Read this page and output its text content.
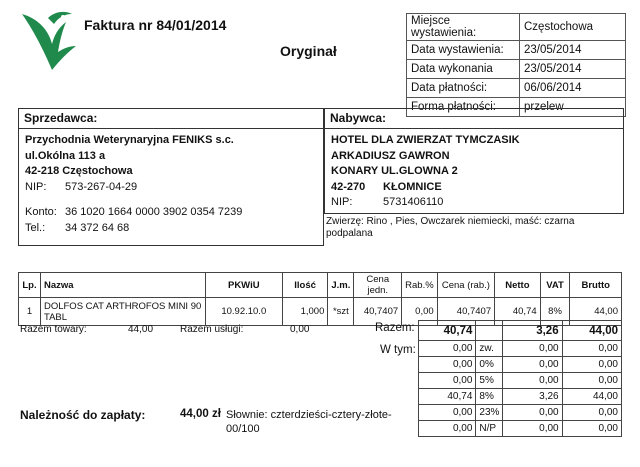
Faktura nr 84/01/2014
Oryginał
Miejsce wystawienia:	Częstochowa
Data wystawienia:	23/05/2014
Data wykonania	23/05/2014
Data płatności:	06/06/2014
Forma płatności:	przelew
Sprzedawca:
Przychodnia Weterynaryjna FENIKS s.c.
ul.Okólna 113 a
42-218 Częstochowa
NIP:	573-267-04-29
Konto: 36 1020 1664 0000 3902 0354 7239
Tel.:	34 372 64 68
Nabywca:
HOTEL DLA ZWIERZAT TYMCZASIK
ARKADIUSZ GAWRON
KONARY UL.GLOWNA 2
42-270	KŁOMNICE
NIP:	5731406110
Zwierzę: Rino , Pies, Owczarek niemiecki, maść: czarna podpalana
Lp.	Nazwa	PKWiU	Ilość	J.m.	Cena jedn.	Rab.%	Cena (rab.)	Netto	VAT	Brutto
1	DOLFOS CAT ARTHROFOS MINI 90 TABL	10.92.10.0	1,000	*szt	40,7407	0,00	40,7407	40,74	8%	44,00
Razem towary:	44,00	Razem usługi:	0,00	Razem:
W tym:
40,74		3,26	44,00
0,00	zw.	0,00	0,00
0,00	0%	0,00	0,00
0,00	5%	0,00	0,00
40,74	8%	3,26	44,00
0,00	23%	0,00	0,00
0,00	N/P	0,00	0,00
Należność do zapłaty:	44,00 zł Słownie: czterdzieści-cztery-złote-00/100
